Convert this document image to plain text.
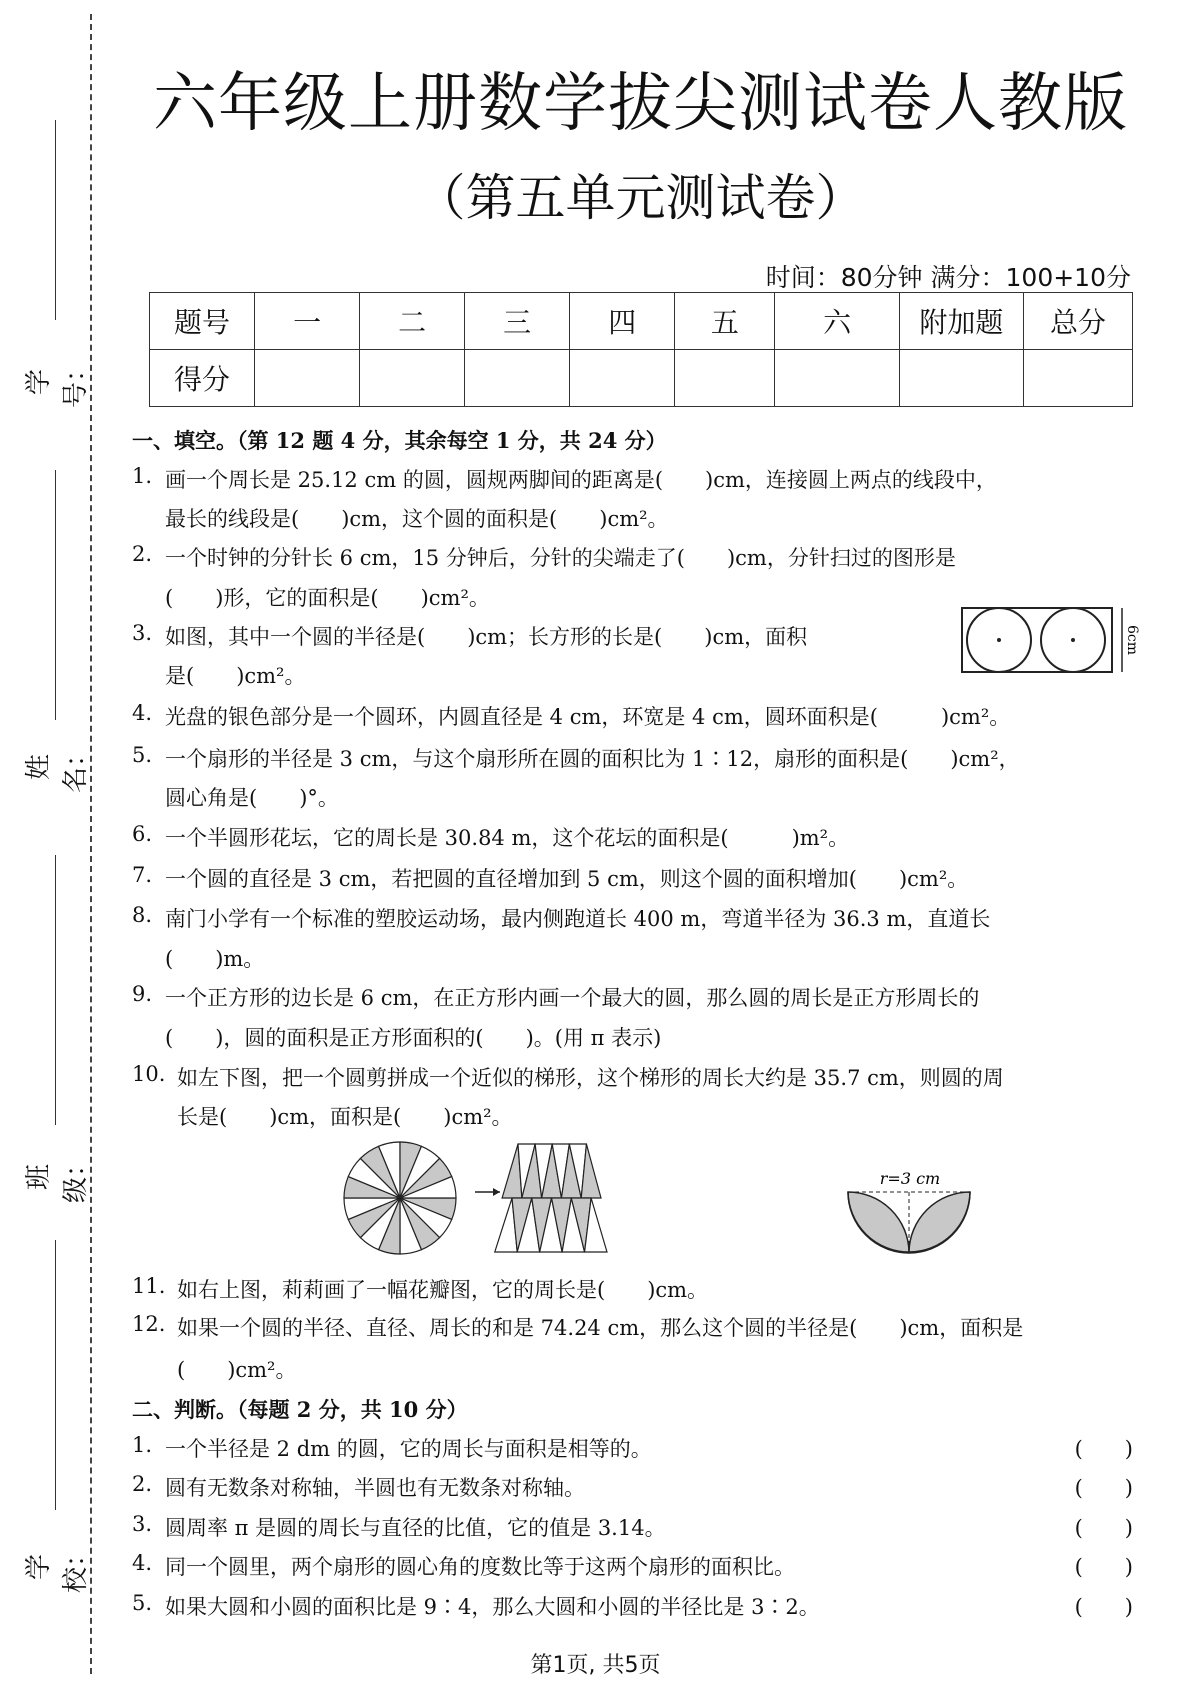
学号：
姓名：
班级：
学校：
六年级上册数学拔尖测试卷人教版
（第五单元测试卷）
时间：80分钟 满分：100+10分
题号	一	二	三	四	五	六	附加题	总分
得分								
一、填空。（第 12 题 4 分，其余每空 1 分，共 24 分）
1. 画一个周长是 25.12 cm 的圆，圆规两脚间的距离是(　　)cm，连接圆上两点的线段中，
最长的线段是(　　)cm，这个圆的面积是(　　)cm²。
2. 一个时钟的分针长 6 cm，15 分钟后，分针的尖端走了(　　)cm，分针扫过的图形是
(　　)形，它的面积是(　　)cm²。
3. 如图，其中一个圆的半径是(　　)cm；长方形的长是(　　)cm，面积
是(　　)cm²。
4. 光盘的银色部分是一个圆环，内圆直径是 4 cm，环宽是 4 cm，圆环面积是(　　　)cm²。
5. 一个扇形的半径是 3 cm，与这个扇形所在圆的面积比为 1∶12，扇形的面积是(　　)cm²，
圆心角是(　　)°。
6. 一个半圆形花坛，它的周长是 30.84 m，这个花坛的面积是(　　　)m²。
7. 一个圆的直径是 3 cm，若把圆的直径增加到 5 cm，则这个圆的面积增加(　　)cm²。
8. 南门小学有一个标准的塑胶运动场，最内侧跑道长 400 m，弯道半径为 36.3 m，直道长
(　　)m。
9. 一个正方形的边长是 6 cm，在正方形内画一个最大的圆，那么圆的周长是正方形周长的
(　　)，圆的面积是正方形面积的(　　)。(用 π 表示)
10. 如左下图，把一个圆剪拼成一个近似的梯形，这个梯形的周长大约是 35.7 cm，则圆的周
长是(　　)cm，面积是(　　)cm²。
11. 如右上图，莉莉画了一幅花瓣图，它的周长是(　　)cm。
12. 如果一个圆的半径、直径、周长的和是 74.24 cm，那么这个圆的半径是(　　)cm，面积是
(　　)cm²。
二、判断。（每题 2 分，共 10 分）
1. 一个半径是 2 dm 的圆，它的周长与面积是相等的。	(　　)
2. 圆有无数条对称轴，半圆也有无数条对称轴。	(　　)
3. 圆周率 π 是圆的周长与直径的比值，它的值是 3.14。	(　　)
4. 同一个圆里，两个扇形的圆心角的度数比等于这两个扇形的面积比。	(　　)
5. 如果大圆和小圆的面积比是 9∶4，那么大圆和小圆的半径比是 3∶2。	(　　)
6cm
r=3 cm
第1页, 共5页
